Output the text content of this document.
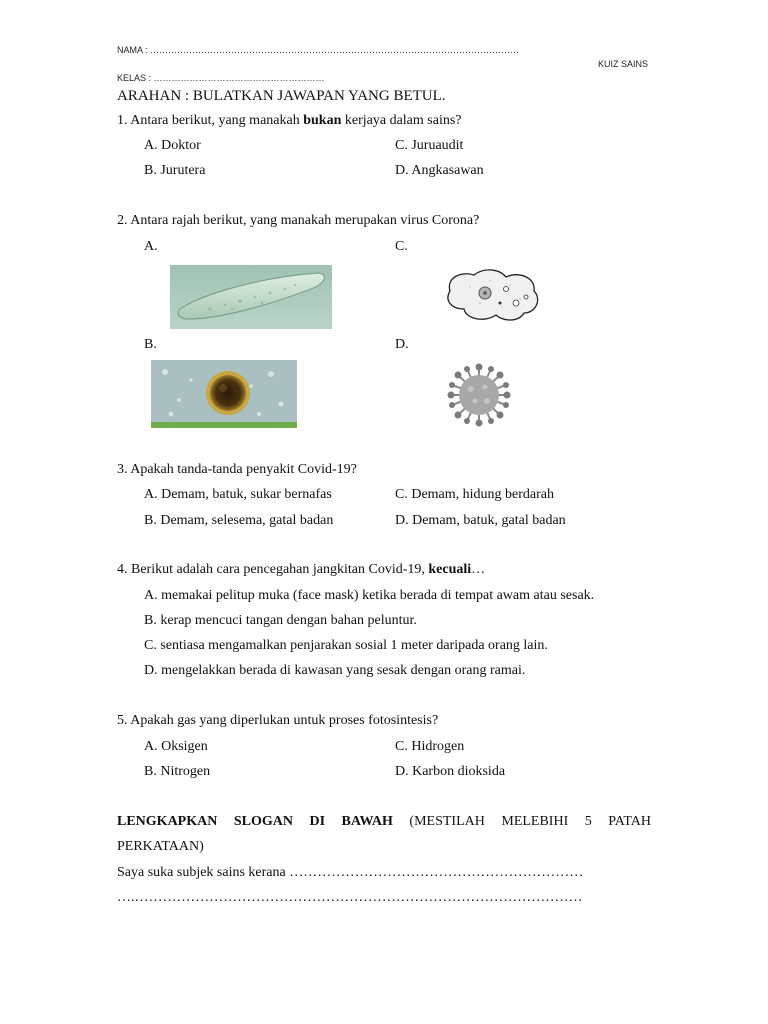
NAMA : ……………………………………………………………………………………………………………
KUIZ SAINS
KELAS : …………………………………………………
ARAHAN : BULATKAN JAWAPAN YANG BETUL.
1. Antara berikut, yang manakah bukan kerjaya dalam sains?
A. Doktor	C. Juruaudit
B. Jurutera	D. Angkasawan
2. Antara rajah berikut, yang manakah merupakan virus Corona?
A.	C.
B.	D.
3. Apakah tanda-tanda penyakit Covid-19?
A. Demam, batuk, sukar bernafas	C. Demam, hidung berdarah
B. Demam, selesema, gatal badan	D. Demam, batuk, gatal badan
4. Berikut adalah cara pencegahan jangkitan Covid-19, kecuali…
A. memakai pelitup muka (face mask) ketika berada di tempat awam atau sesak.
B. kerap mencuci tangan dengan bahan peluntur.
C. sentiasa mengamalkan penjarakan sosial 1 meter daripada orang lain.
D. mengelakkan berada di kawasan yang sesak dengan orang ramai.
5. Apakah gas yang diperlukan untuk proses fotosintesis?
A. Oksigen	C. Hidrogen
B. Nitrogen	D. Karbon dioksida
LENGKAPKAN SLOGAN DI BAWAH (MESTILAH MELEBIHI 5 PATAH
PERKATAAN)
Saya suka subjek sains kerana ………………………………………………………
….……………………………………………………………………………………
